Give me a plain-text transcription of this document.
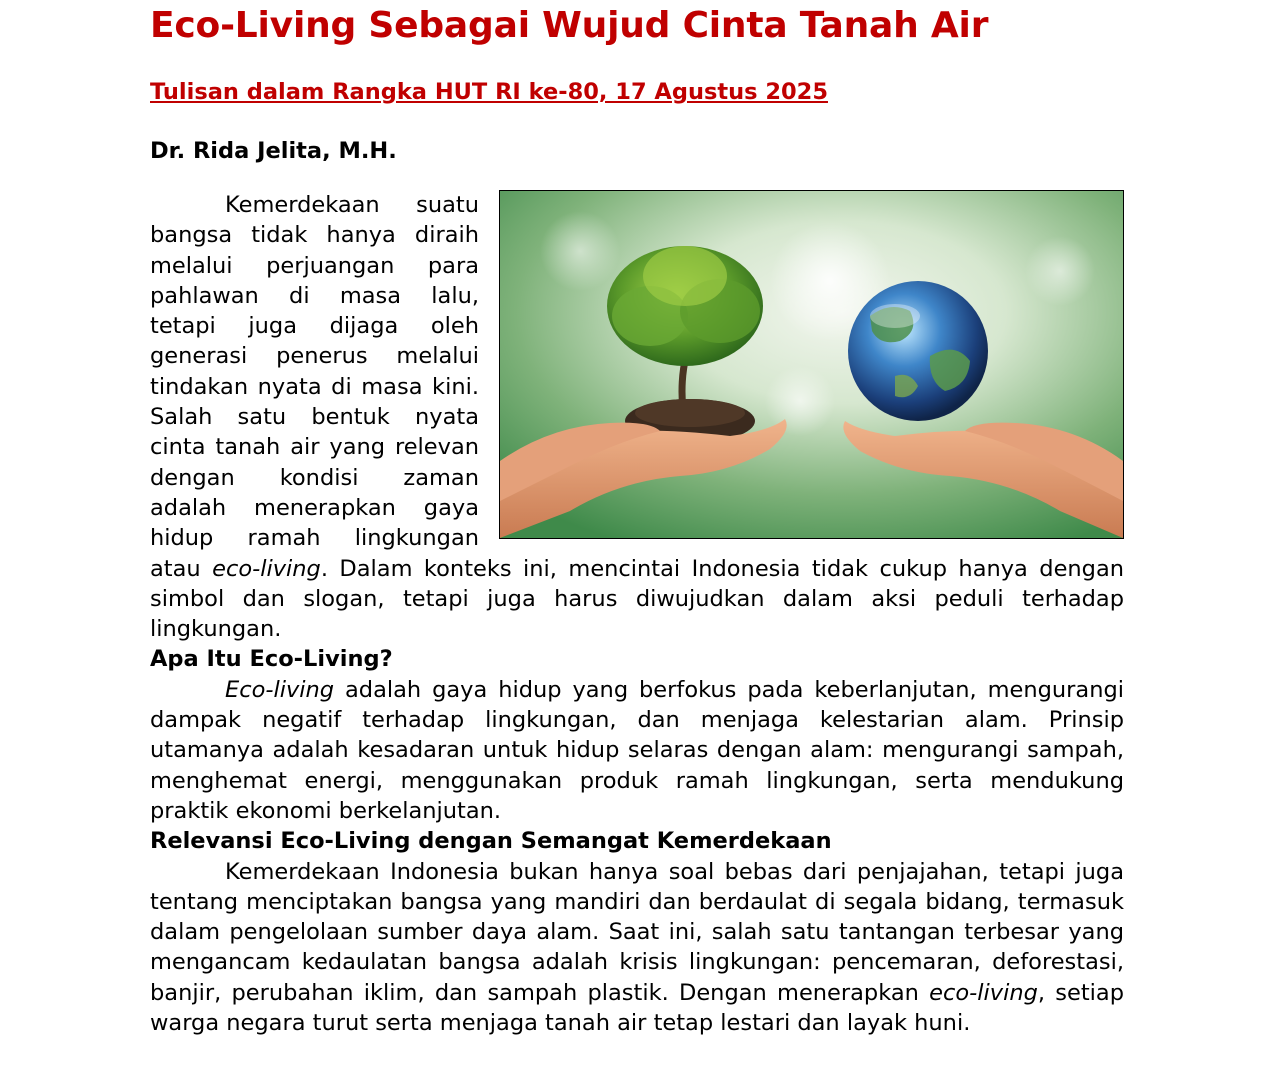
Eco-Living Sebagai Wujud Cinta Tanah Air
Tulisan dalam Rangka HUT RI ke-80, 17 Agustus 2025
Dr. Rida Jelita, M.H.

Kemerdekaan suatu bangsa tidak hanya diraih melalui perjuangan para pahlawan di masa lalu, tetapi juga dijaga oleh generasi penerus melalui tindakan nyata di masa kini. Salah satu bentuk nyata cinta tanah air yang relevan dengan kondisi zaman adalah menerapkan gaya hidup ramah lingkungan atau eco-living. Dalam konteks ini, mencintai Indonesia tidak cukup hanya dengan simbol dan slogan, tetapi juga harus diwujudkan dalam aksi peduli terhadap lingkungan.

Apa Itu Eco-Living?

Eco-living adalah gaya hidup yang berfokus pada keberlanjutan, mengurangi dampak negatif terhadap lingkungan, dan menjaga kelestarian alam. Prinsip utamanya adalah kesadaran untuk hidup selaras dengan alam: mengurangi sampah, menghemat energi, menggunakan produk ramah lingkungan, serta mendukung praktik ekonomi berkelanjutan.

Relevansi Eco-Living dengan Semangat Kemerdekaan

Kemerdekaan Indonesia bukan hanya soal bebas dari penjajahan, tetapi juga tentang menciptakan bangsa yang mandiri dan berdaulat di segala bidang, termasuk dalam pengelolaan sumber daya alam. Saat ini, salah satu tantangan terbesar yang mengancam kedaulatan bangsa adalah krisis lingkungan: pencemaran, deforestasi, banjir, perubahan iklim, dan sampah plastik. Dengan menerapkan eco-living, setiap warga negara turut serta menjaga tanah air tetap lestari dan layak huni.
